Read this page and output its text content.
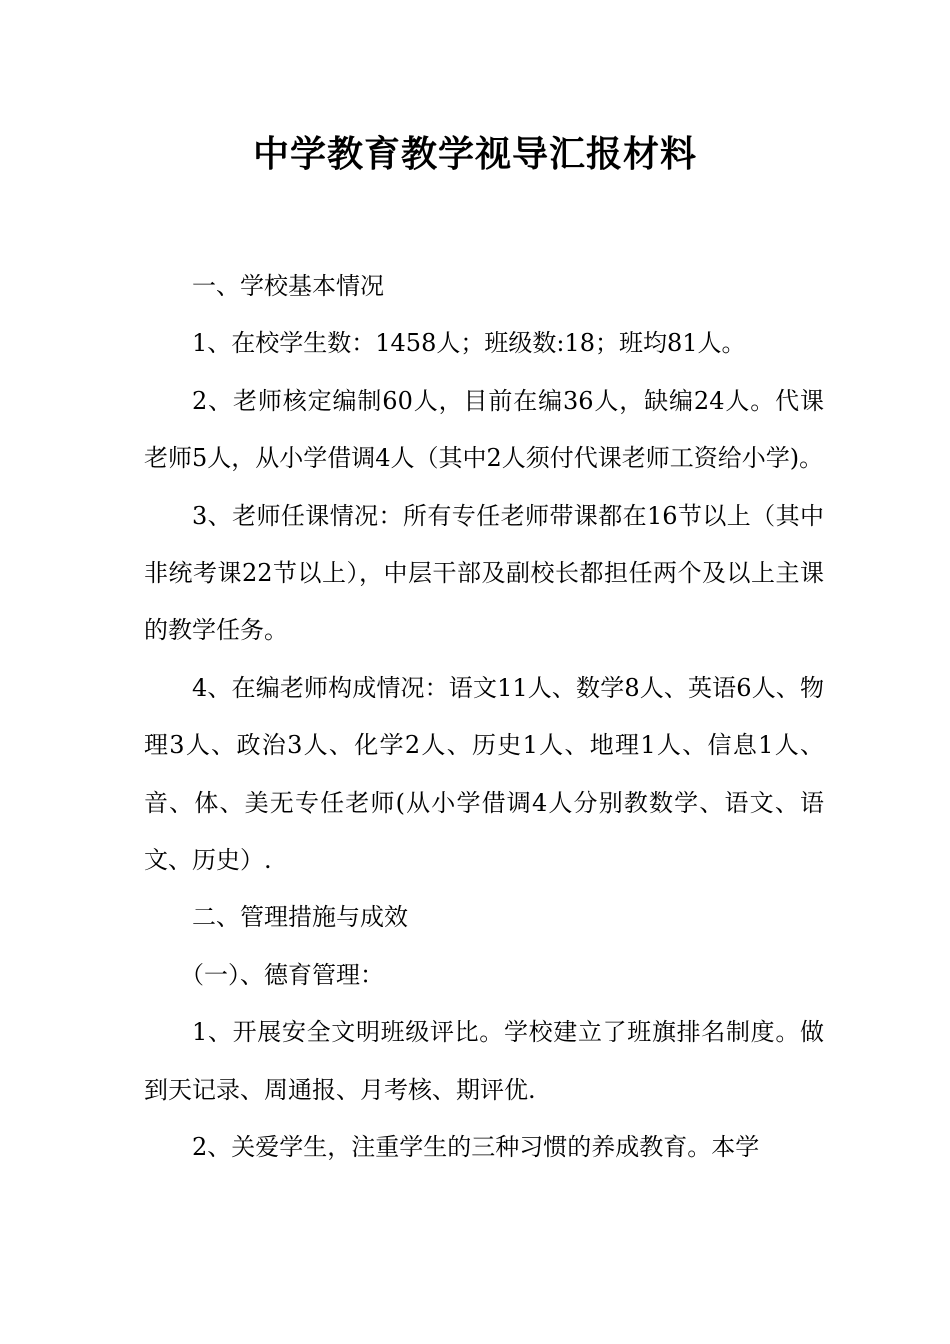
中学教育教学视导汇报材料

一、学校基本情况

1、在校学生数：1458人；班级数:18；班均81人。

2、老师核定编制60人，目前在编36人，缺编24人。代课老师5人，从小学借调4人（其中2人须付代课老师工资给小学)。

3、老师任课情况：所有专任老师带课都在16节以上（其中非统考课22节以上），中层干部及副校长都担任两个及以上主课的教学任务。

4、在编老师构成情况：语文11人、数学8人、英语6人、物理3人、政治3人、化学2人、历史1人、地理1人、信息1人、音、体、美无专任老师(从小学借调4人分别教数学、语文、语文、历史）.

二、管理措施与成效

（一）、德育管理：

1、开展安全文明班级评比。学校建立了班旗排名制度。做到天记录、周通报、月考核、期评优.

2、关爱学生，注重学生的三种习惯的养成教育。本学
